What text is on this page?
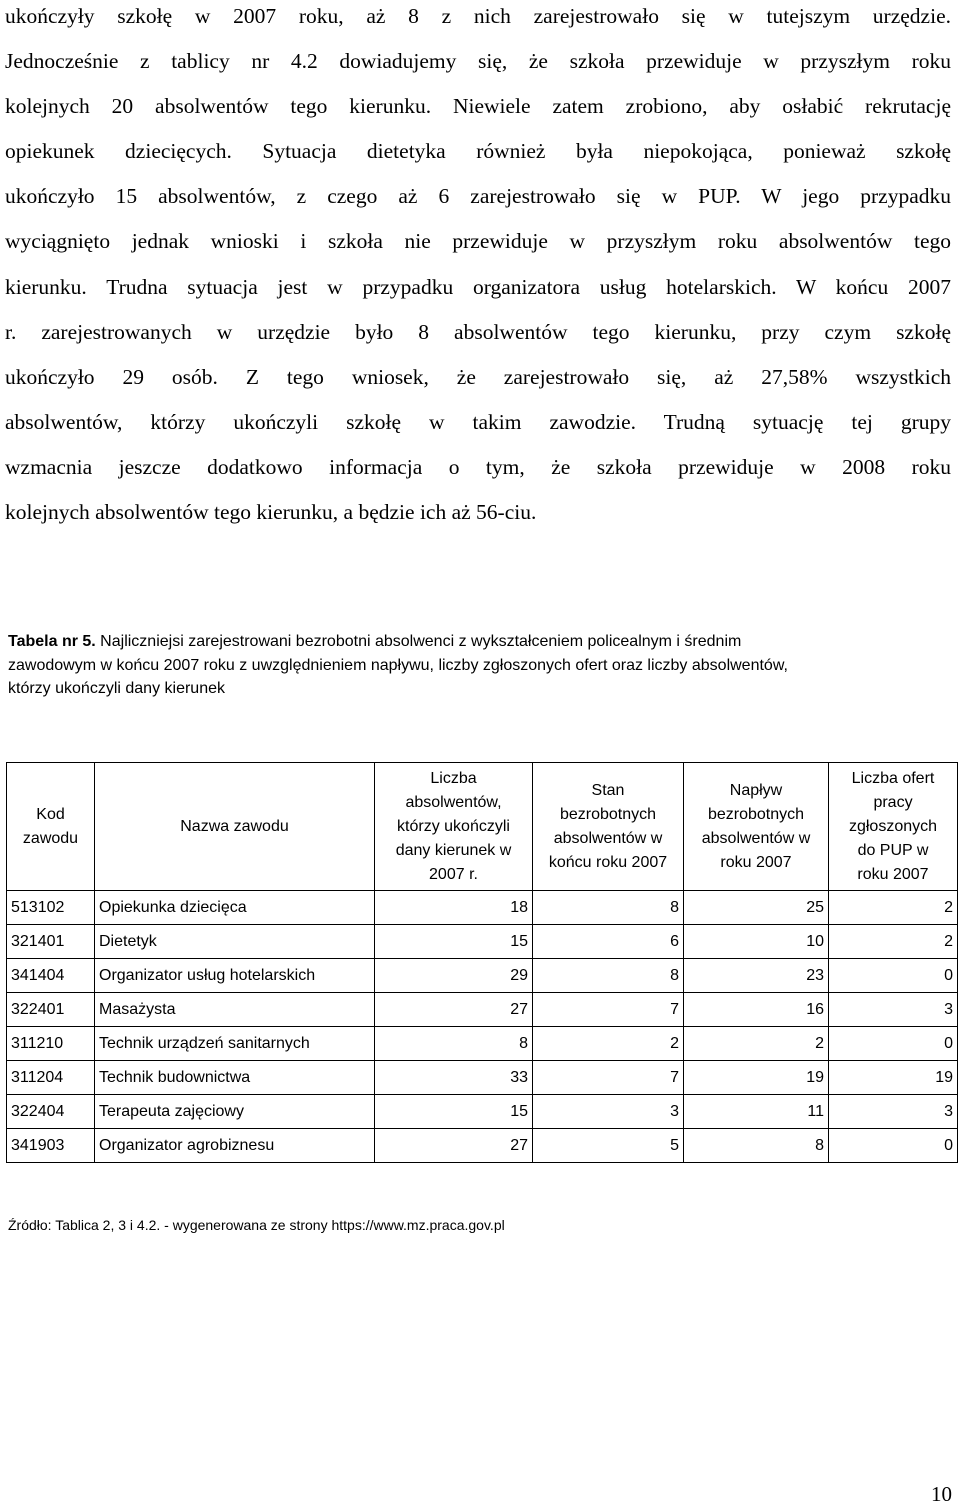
ukończyły szkołę w 2007 roku, aż 8 z nich zarejestrowało się w tutejszym urzędzie.
Jednocześnie z tablicy nr 4.2 dowiadujemy się, że szkoła przewiduje w przyszłym roku
kolejnych 20 absolwentów tego kierunku. Niewiele zatem zrobiono, aby osłabić rekrutację
opiekunek dziecięcych. Sytuacja dietetyka również była niepokojąca, ponieważ szkołę
ukończyło 15 absolwentów, z czego aż 6 zarejestrowało się w PUP. W jego przypadku
wyciągnięto jednak wnioski i szkoła nie przewiduje w przyszłym roku absolwentów tego
kierunku. Trudna sytuacja jest w przypadku organizatora usług hotelarskich. W końcu 2007
r. zarejestrowanych w urzędzie było 8 absolwentów tego kierunku, przy czym szkołę
ukończyło 29 osób. Z tego wniosek, że zarejestrowało się, aż 27,58% wszystkich
absolwentów, którzy ukończyli szkołę w takim zawodzie. Trudną sytuację tej grupy
wzmacnia jeszcze dodatkowo informacja o tym, że szkoła przewiduje w 2008 roku
kolejnych absolwentów tego kierunku, a będzie ich aż 56-ciu.
Tabela nr 5. Najliczniejsi zarejestrowani bezrobotni absolwenci z wykształceniem policealnym i średnim
zawodowym w końcu 2007 roku z uwzględnieniem napływu, liczby zgłoszonych ofert oraz liczby absolwentów,
którzy ukończyli dany kierunek
Kod
zawodu	Nazwa zawodu	Liczba
absolwentów,
którzy ukończyli
dany kierunek w
2007 r.	Stan
bezrobotnych
absolwentów w
końcu roku 2007	Napływ
bezrobotnych
absolwentów w
roku 2007	Liczba ofert
pracy
zgłoszonych
do PUP w
roku 2007

513102	Opiekunka dziecięca	18	8	25	2
321401	Dietetyk	15	6	10	2
341404	Organizator usług hotelarskich	29	8	23	0
322401	Masażysta	27	7	16	3
311210	Technik urządzeń sanitarnych	8	2	2	0
311204	Technik budownictwa	33	7	19	19
322404	Terapeuta zajęciowy	15	3	11	3
341903	Organizator agrobiznesu	27	5	8	0

Źródło: Tablica 2, 3 i 4.2. - wygenerowana ze strony https://www.mz.praca.gov.pl

10
